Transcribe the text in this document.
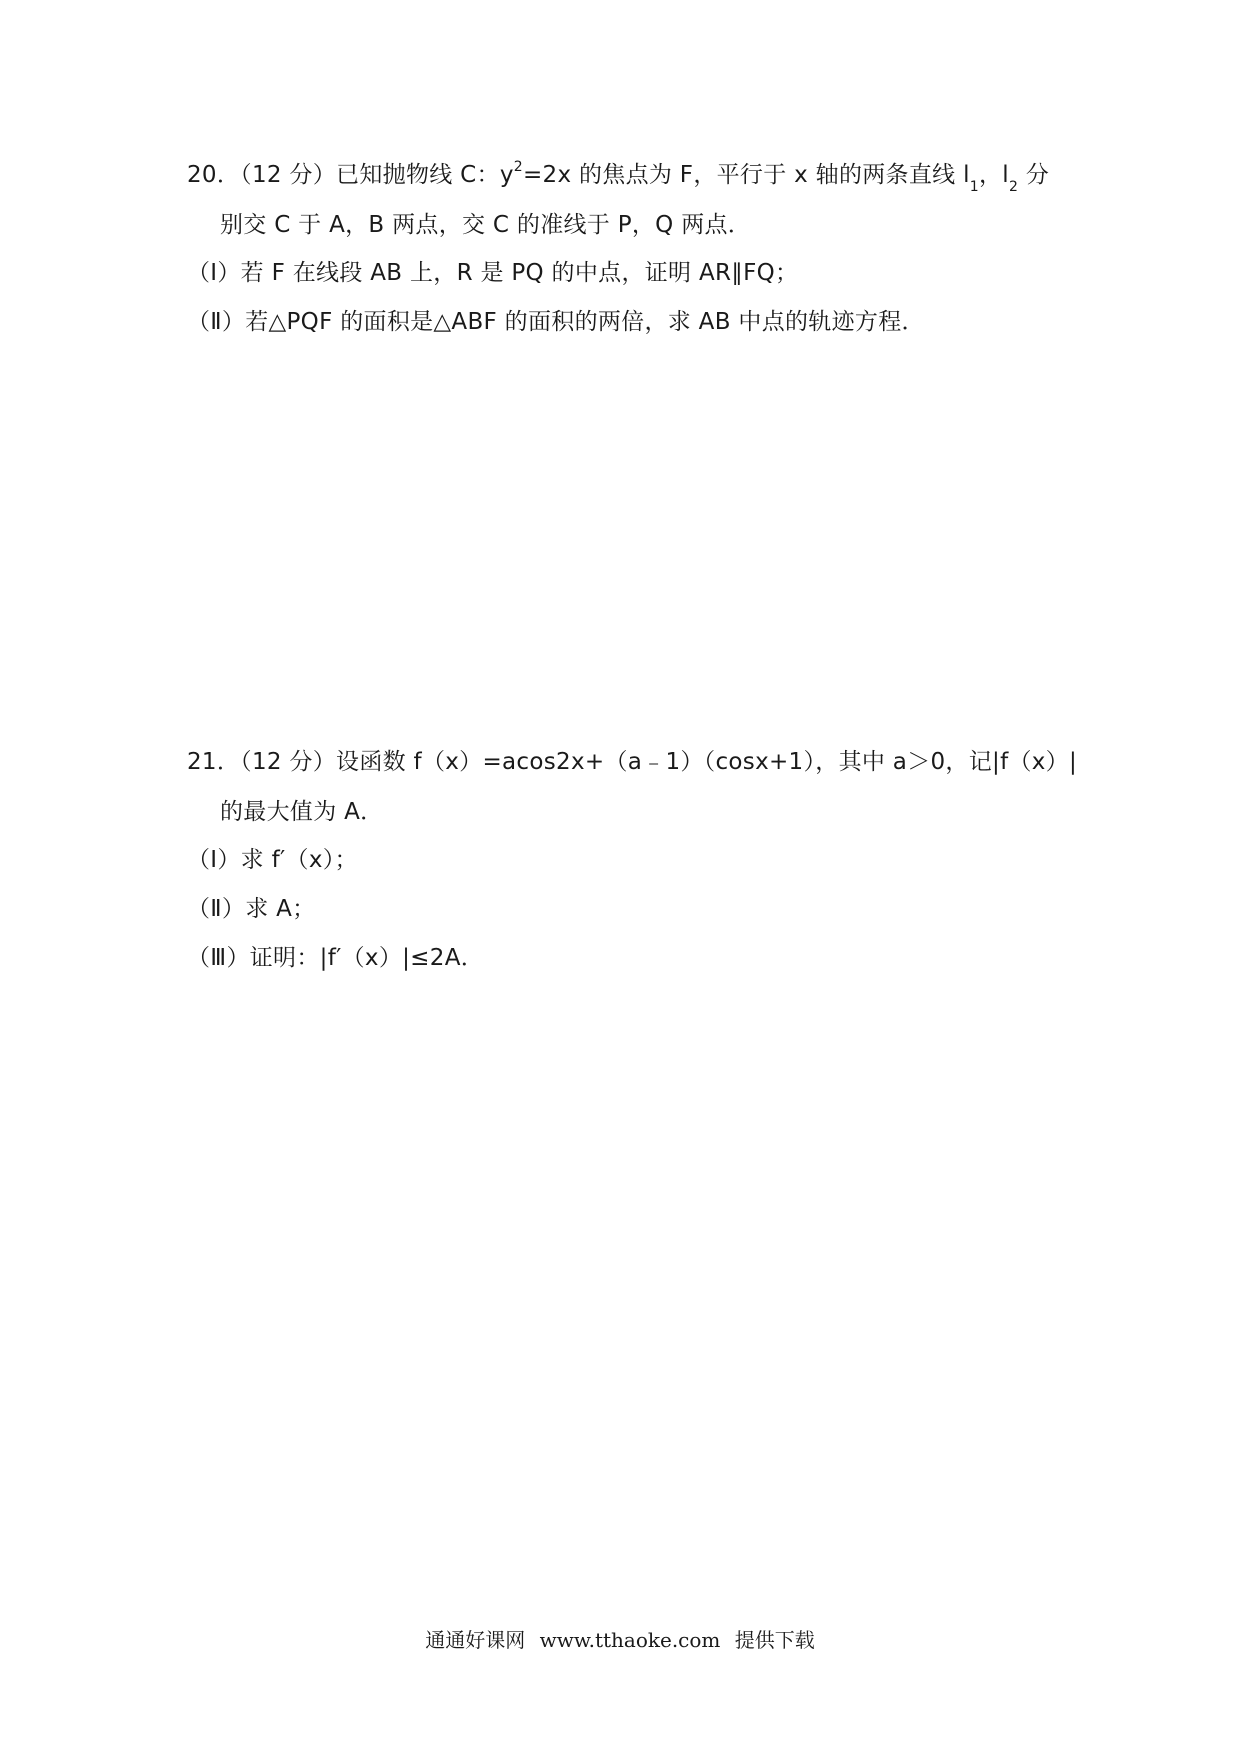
20．（12 分）已知抛物线 C：$y^2=2x$ 的焦点为 F，平行于 x 轴的两条直线 $l_1$，$l_2$ 分
别交 C 于 A，B 两点，交 C 的准线于 P，Q 两点．
（Ⅰ）若 F 在线段 AB 上，R 是 PQ 的中点，证明 AR∥FQ；
（Ⅱ）若△PQF 的面积是△ABF 的面积的两倍，求 AB 中点的轨迹方程．
21．（12 分）设函数 f（x）=acos2x+（a﹣1）（cosx+1），其中 a＞0，记|f（x）|
的最大值为 A．
（Ⅰ）求 f′（x）；
（Ⅱ）求 A；
（Ⅲ）证明：|f′（x）|≤2A．
通通好课网 www.tthaoke.com 提供下载
